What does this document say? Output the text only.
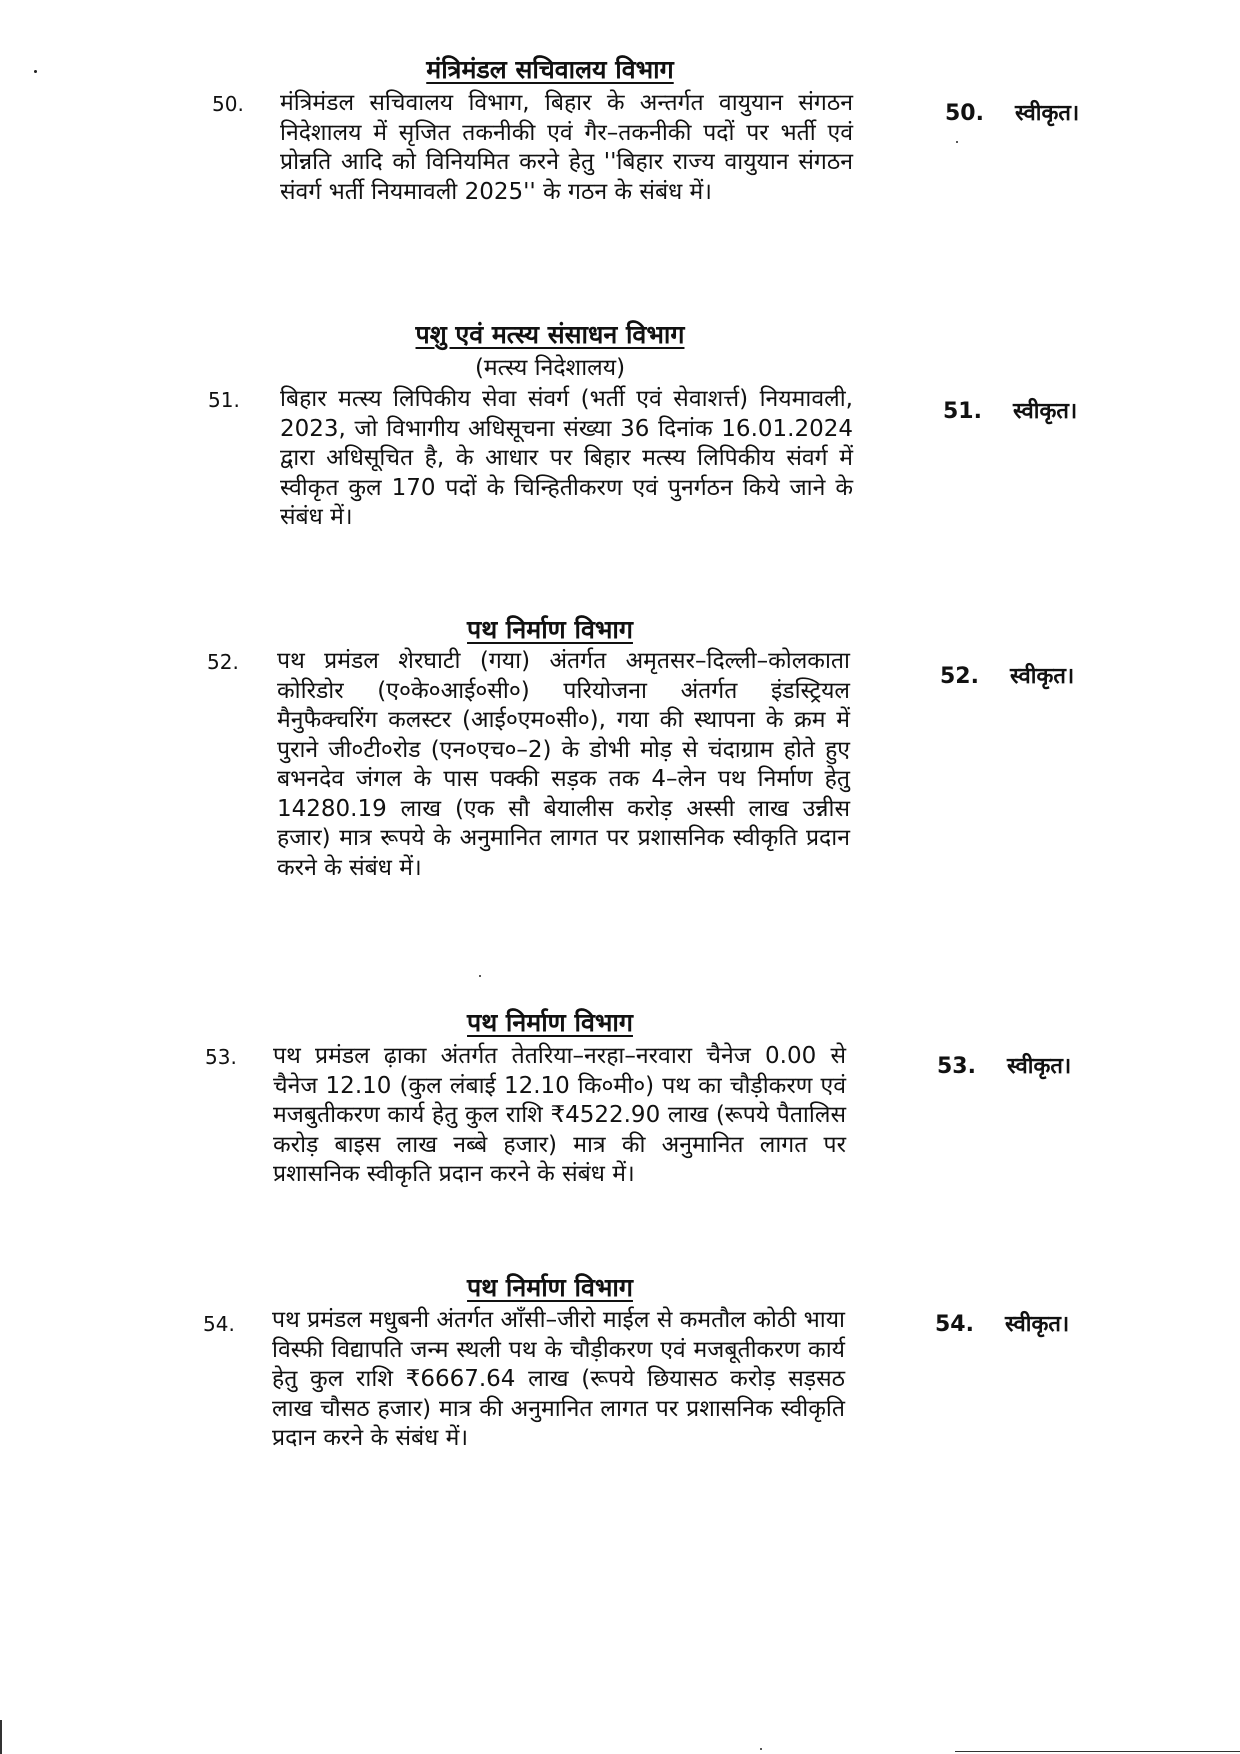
मंत्रिमंडल सचिवालय विभाग
50. मंत्रिमंडल सचिवालय विभाग, बिहार के अन्तर्गत वायुयान संगठन निदेशालय में सृजित तकनीकी एवं गैर–तकनीकी पदों पर भर्ती एवं प्रोन्नति आदि को विनियमित करने हेतु ''बिहार राज्य वायुयान संगठन संवर्ग भर्ती नियमावली 2025'' के गठन के संबंध में।

50. स्वीकृत।
पशु एवं मत्स्य संसाधन विभाग
(मत्स्य निदेशालय)
51. बिहार मत्स्य लिपिकीय सेवा संवर्ग (भर्ती एवं सेवाशर्त्त) नियमावली, 2023, जो विभागीय अधिसूचना संख्या 36 दिनांक 16.01.2024 द्वारा अधिसूचित है, के आधार पर बिहार मत्स्य लिपिकीय संवर्ग में स्वीकृत कुल 170 पदों के चिन्हितीकरण एवं पुनर्गठन किये जाने के संबंध में।

51. स्वीकृत।
पथ निर्माण विभाग
52. पथ प्रमंडल शेरघाटी (गया) अंतर्गत अमृतसर–दिल्ली–कोलकाता कोरिडोर (ए०के०आई०सी०) परियोजना अंतर्गत इंडस्ट्रियल मैनुफैक्चरिंग कलस्टर (आई०एम०सी०), गया की स्थापना के क्रम में पुराने जी०टी०रोड (एन०एच०–2) के डोभी मोड़ से चंदाग्राम होते हुए बभनदेव जंगल के पास पक्की सड़क तक 4–लेन पथ निर्माण हेतु 14280.19 लाख (एक सौ बेयालीस करोड़ अस्सी लाख उन्नीस हजार) मात्र रूपये के अनुमानित लागत पर प्रशासनिक स्वीकृति प्रदान करने के संबंध में।

52. स्वीकृत।
पथ निर्माण विभाग
53. पथ प्रमंडल ढ़ाका अंतर्गत तेतरिया–नरहा–नरवारा चैनेज 0.00 से चैनेज 12.10 (कुल लंबाई 12.10 कि०मी०) पथ का चौड़ीकरण एवं मजबुतीकरण कार्य हेतु कुल राशि ₹4522.90 लाख (रूपये पैतालिस करोड़ बाइस लाख नब्बे हजार) मात्र की अनुमानित लागत पर प्रशासनिक स्वीकृति प्रदान करने के संबंध में।

53. स्वीकृत।
पथ निर्माण विभाग
54. पथ प्रमंडल मधुबनी अंतर्गत आँसी–जीरो माईल से कमतौल कोठी भाया विस्फी विद्यापति जन्म स्थली पथ के चौड़ीकरण एवं मजबूतीकरण कार्य हेतु कुल राशि ₹6667.64 लाख (रूपये छियासठ करोड़ सड़सठ लाख चौसठ हजार) मात्र की अनुमानित लागत पर प्रशासनिक स्वीकृति प्रदान करने के संबंध में।

54. स्वीकृत।
